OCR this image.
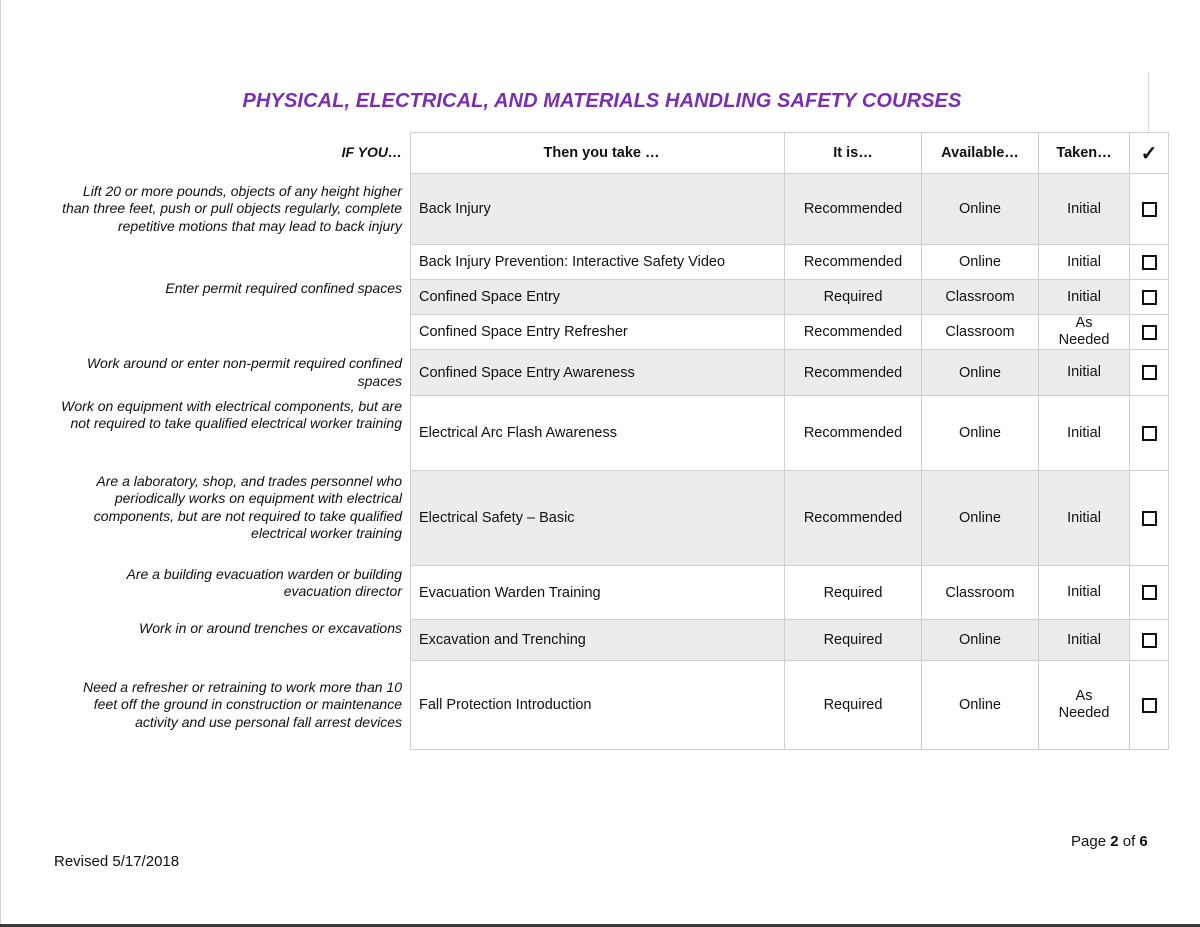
PHYSICAL, ELECTRICAL, AND MATERIALS HANDLING SAFETY COURSES
IF YOU…	Then you take …	It is…	Available…	Taken…	✓
Lift 20 or more pounds, objects of any height higher than three feet, push or pull objects regularly, complete repetitive motions that may lead to back injury	Back Injury	Recommended	Online	Initial	
	Back Injury Prevention: Interactive Safety Video	Recommended	Online	Initial	
Enter permit required confined spaces	Confined Space Entry	Required	Classroom	Initial	
	Confined Space Entry Refresher	Recommended	Classroom	As Needed	
Work around or enter non-permit required confined spaces	Confined Space Entry Awareness	Recommended	Online	Initial	
Work on equipment with electrical components, but are not required to take qualified electrical worker training	Electrical Arc Flash Awareness	Recommended	Online	Initial	
Are a laboratory, shop, and trades personnel who periodically works on equipment with electrical components, but are not required to take qualified electrical worker training	Electrical Safety – Basic	Recommended	Online	Initial	
Are a building evacuation warden or building evacuation director	Evacuation Warden Training	Required	Classroom	Initial	
Work in or around trenches or excavations	Excavation and Trenching	Required	Online	Initial	
Need a refresher or retraining to work more than 10 feet off the ground in construction or maintenance activity and use personal fall arrest devices	Fall Protection Introduction	Required	Online	As Needed	
Revised 5/17/2018
Page 2 of 6
